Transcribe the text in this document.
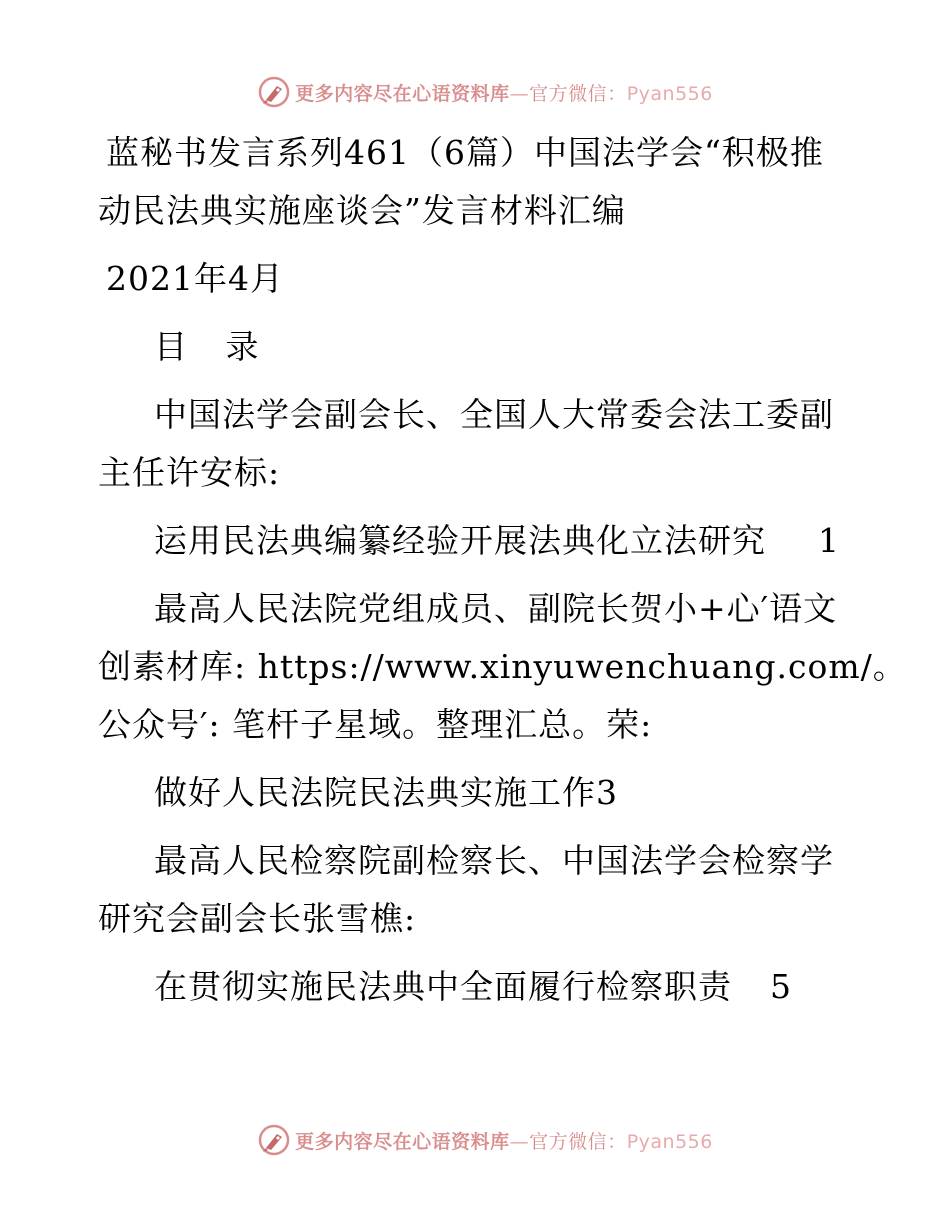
更多内容尽在心语资料库—官方微信：Pyan556
蓝秘书发言系列461（6篇）中国法学会“积极推
动民法典实施座谈会”发言材料汇编
2021年4月
目 录
中国法学会副会长、全国人大常委会法工委副
主任许安标:
运用民法典编纂经验开展法典化立法研究 1
最高人民法院党组成员、副院长贺小+心′语文
创素材库: https://www.xinyuwenchuang.com/。
公众号′: 笔杆子星域。整理汇总。荣:
做好人民法院民法典实施工作3
最高人民检察院副检察长、中国法学会检察学
研究会副会长张雪樵:
在贯彻实施民法典中全面履行检察职责 5
更多内容尽在心语资料库—官方微信：Pyan556
